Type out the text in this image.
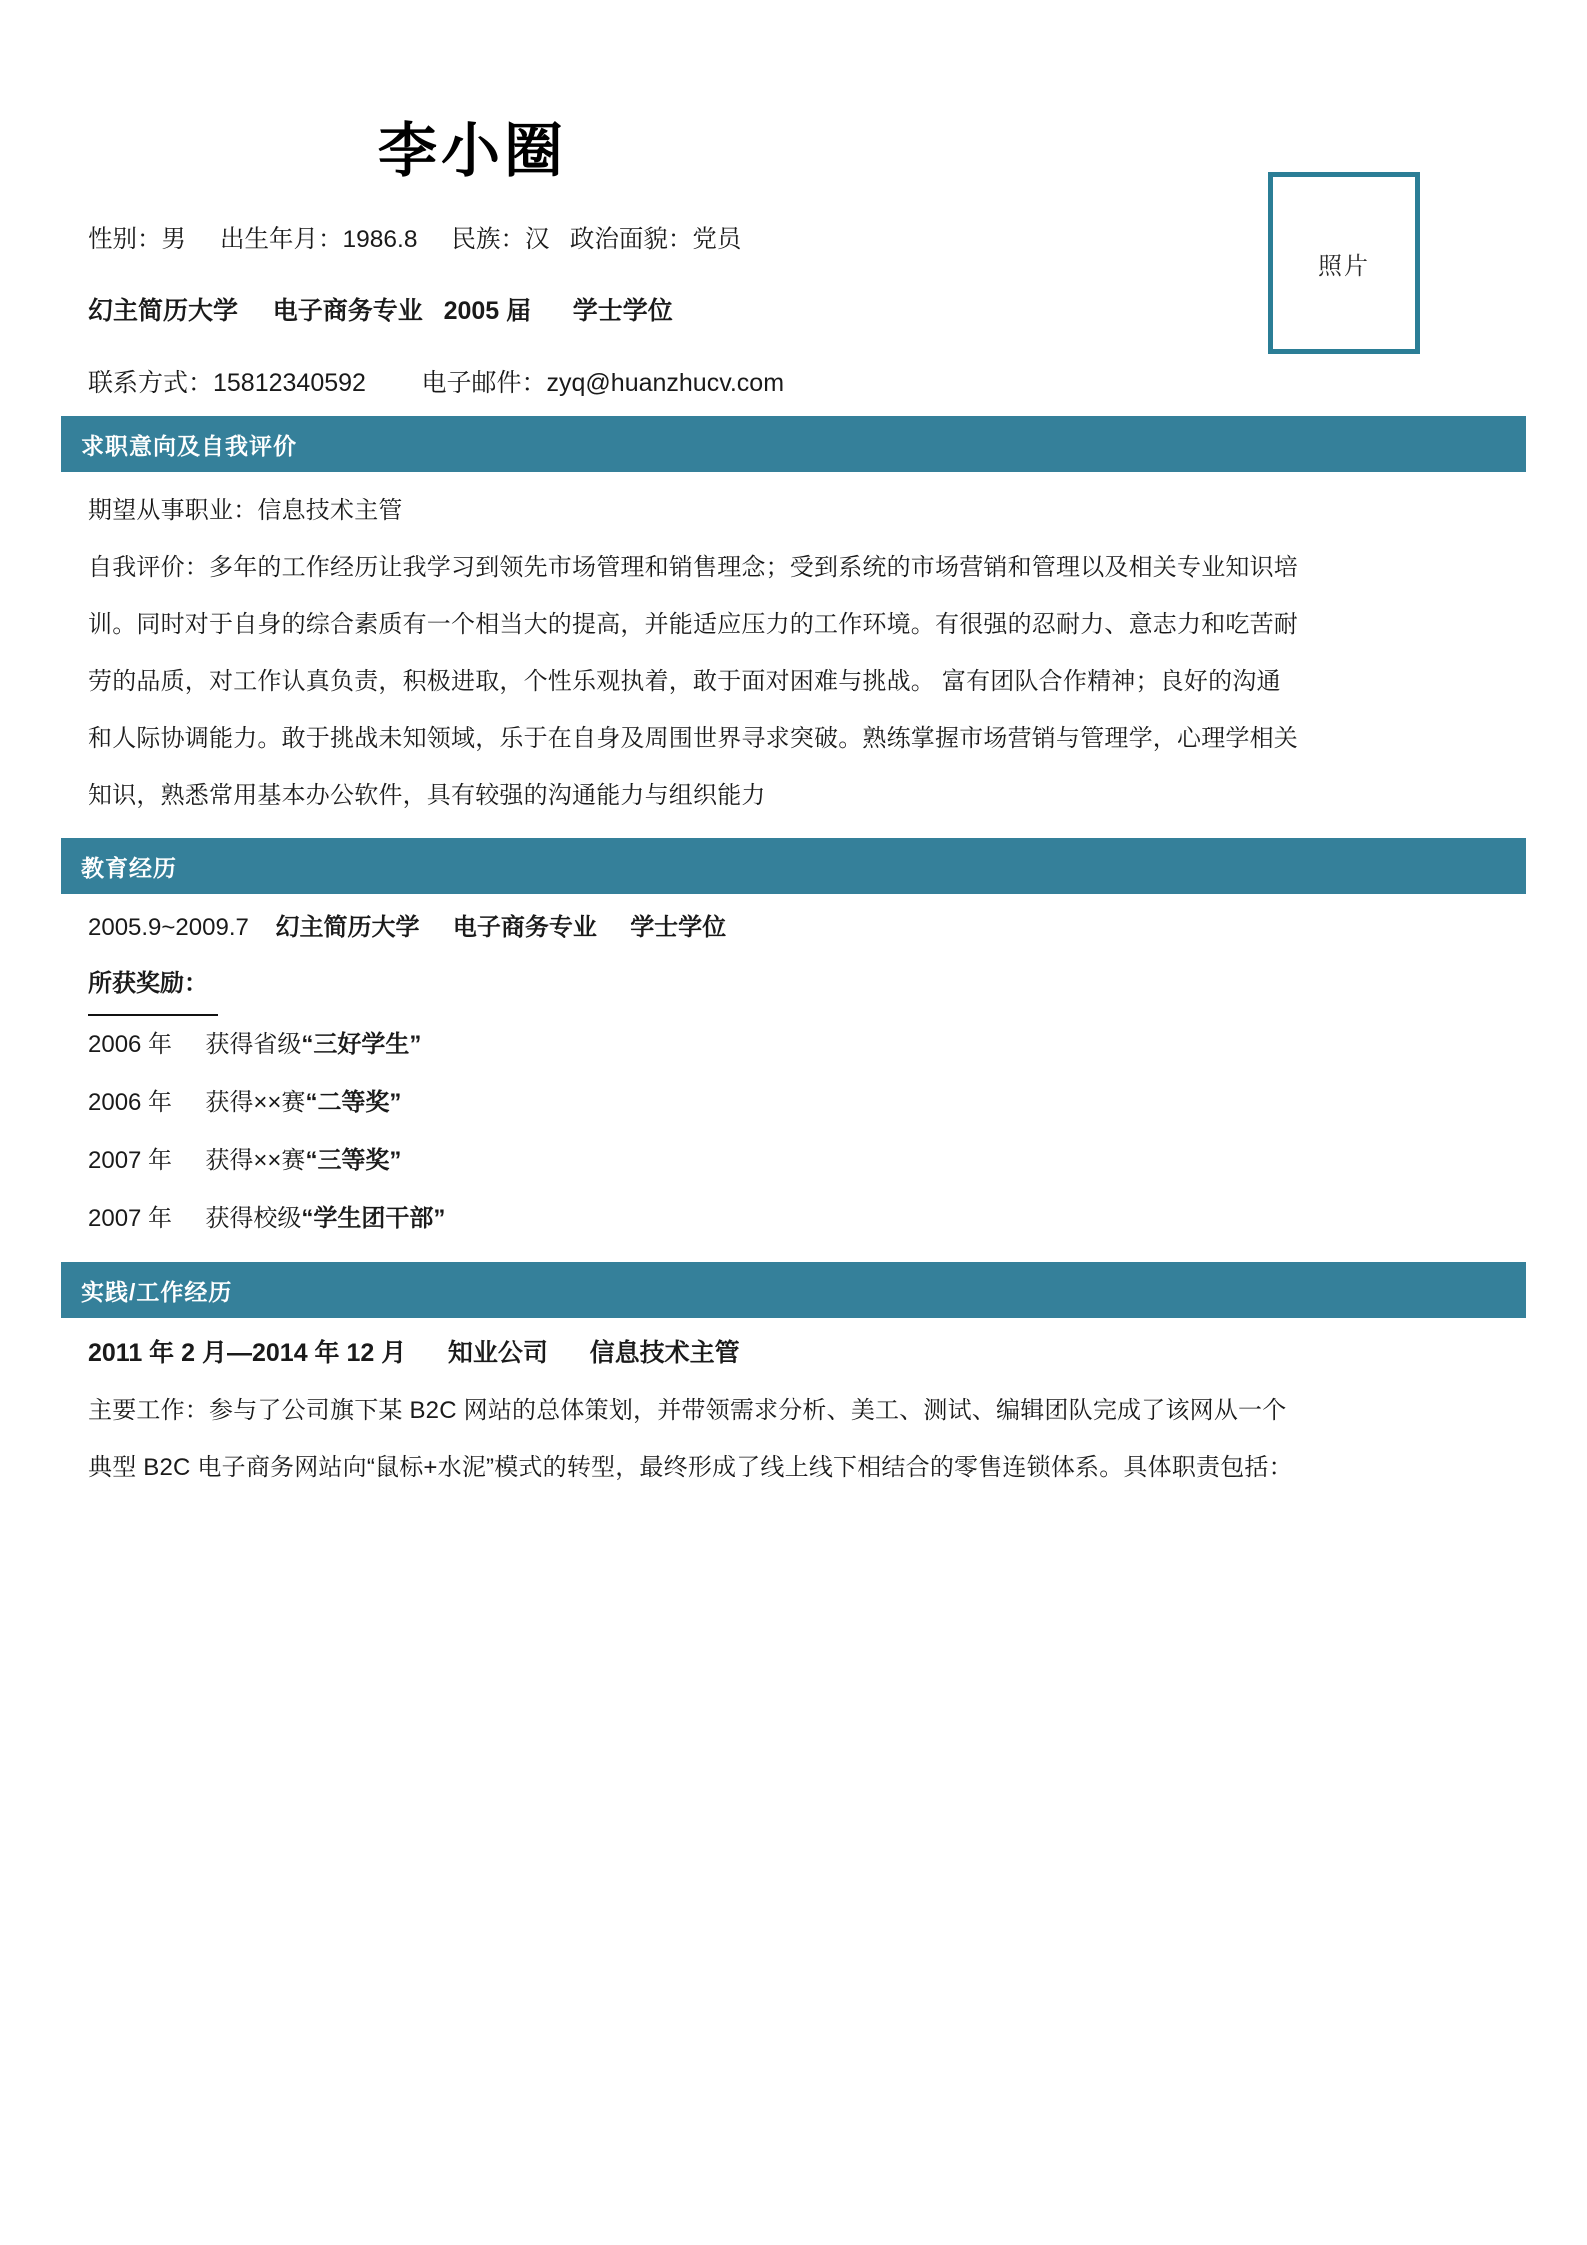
李小圈
性别：男     出生年月：1986.8     民族：汉   政治面貌：党员
幻主简历大学     电子商务专业   2005 届      学士学位
联系方式：15812340592        电子邮件：zyq@huanzhucv.com
照片
求职意向及自我评价
期望从事职业：信息技术主管
自我评价：多年的工作经历让我学习到领先市场管理和销售理念；受到系统的市场营销和管理以及相关专业知识培
训。同时对于自身的综合素质有一个相当大的提高，并能适应压力的工作环境。有很强的忍耐力、意志力和吃苦耐
劳的品质，对工作认真负责，积极进取，个性乐观执着，敢于面对困难与挑战。 富有团队合作精神；良好的沟通
和人际协调能力。敢于挑战未知领域，乐于在自身及周围世界寻求突破。熟练掌握市场营销与管理学，心理学相关
知识，熟悉常用基本办公软件，具有较强的沟通能力与组织能力
教育经历
2005.9~2009.7 幻主简历大学 电子商务专业 学士学位
所获奖励：
2006 年 获得省级“三好学生”
2006 年 获得××赛“二等奖”
2007 年 获得××赛“三等奖”
2007 年 获得校级“学生团干部”
实践/工作经历
2011 年 2 月—2014 年 12 月      知业公司      信息技术主管
主要工作：参与了公司旗下某 B2C 网站的总体策划，并带领需求分析、美工、测试、编辑团队完成了该网从一个
典型 B2C 电子商务网站向“鼠标+水泥”模式的转型，最终形成了线上线下相结合的零售连锁体系。具体职责包括：
